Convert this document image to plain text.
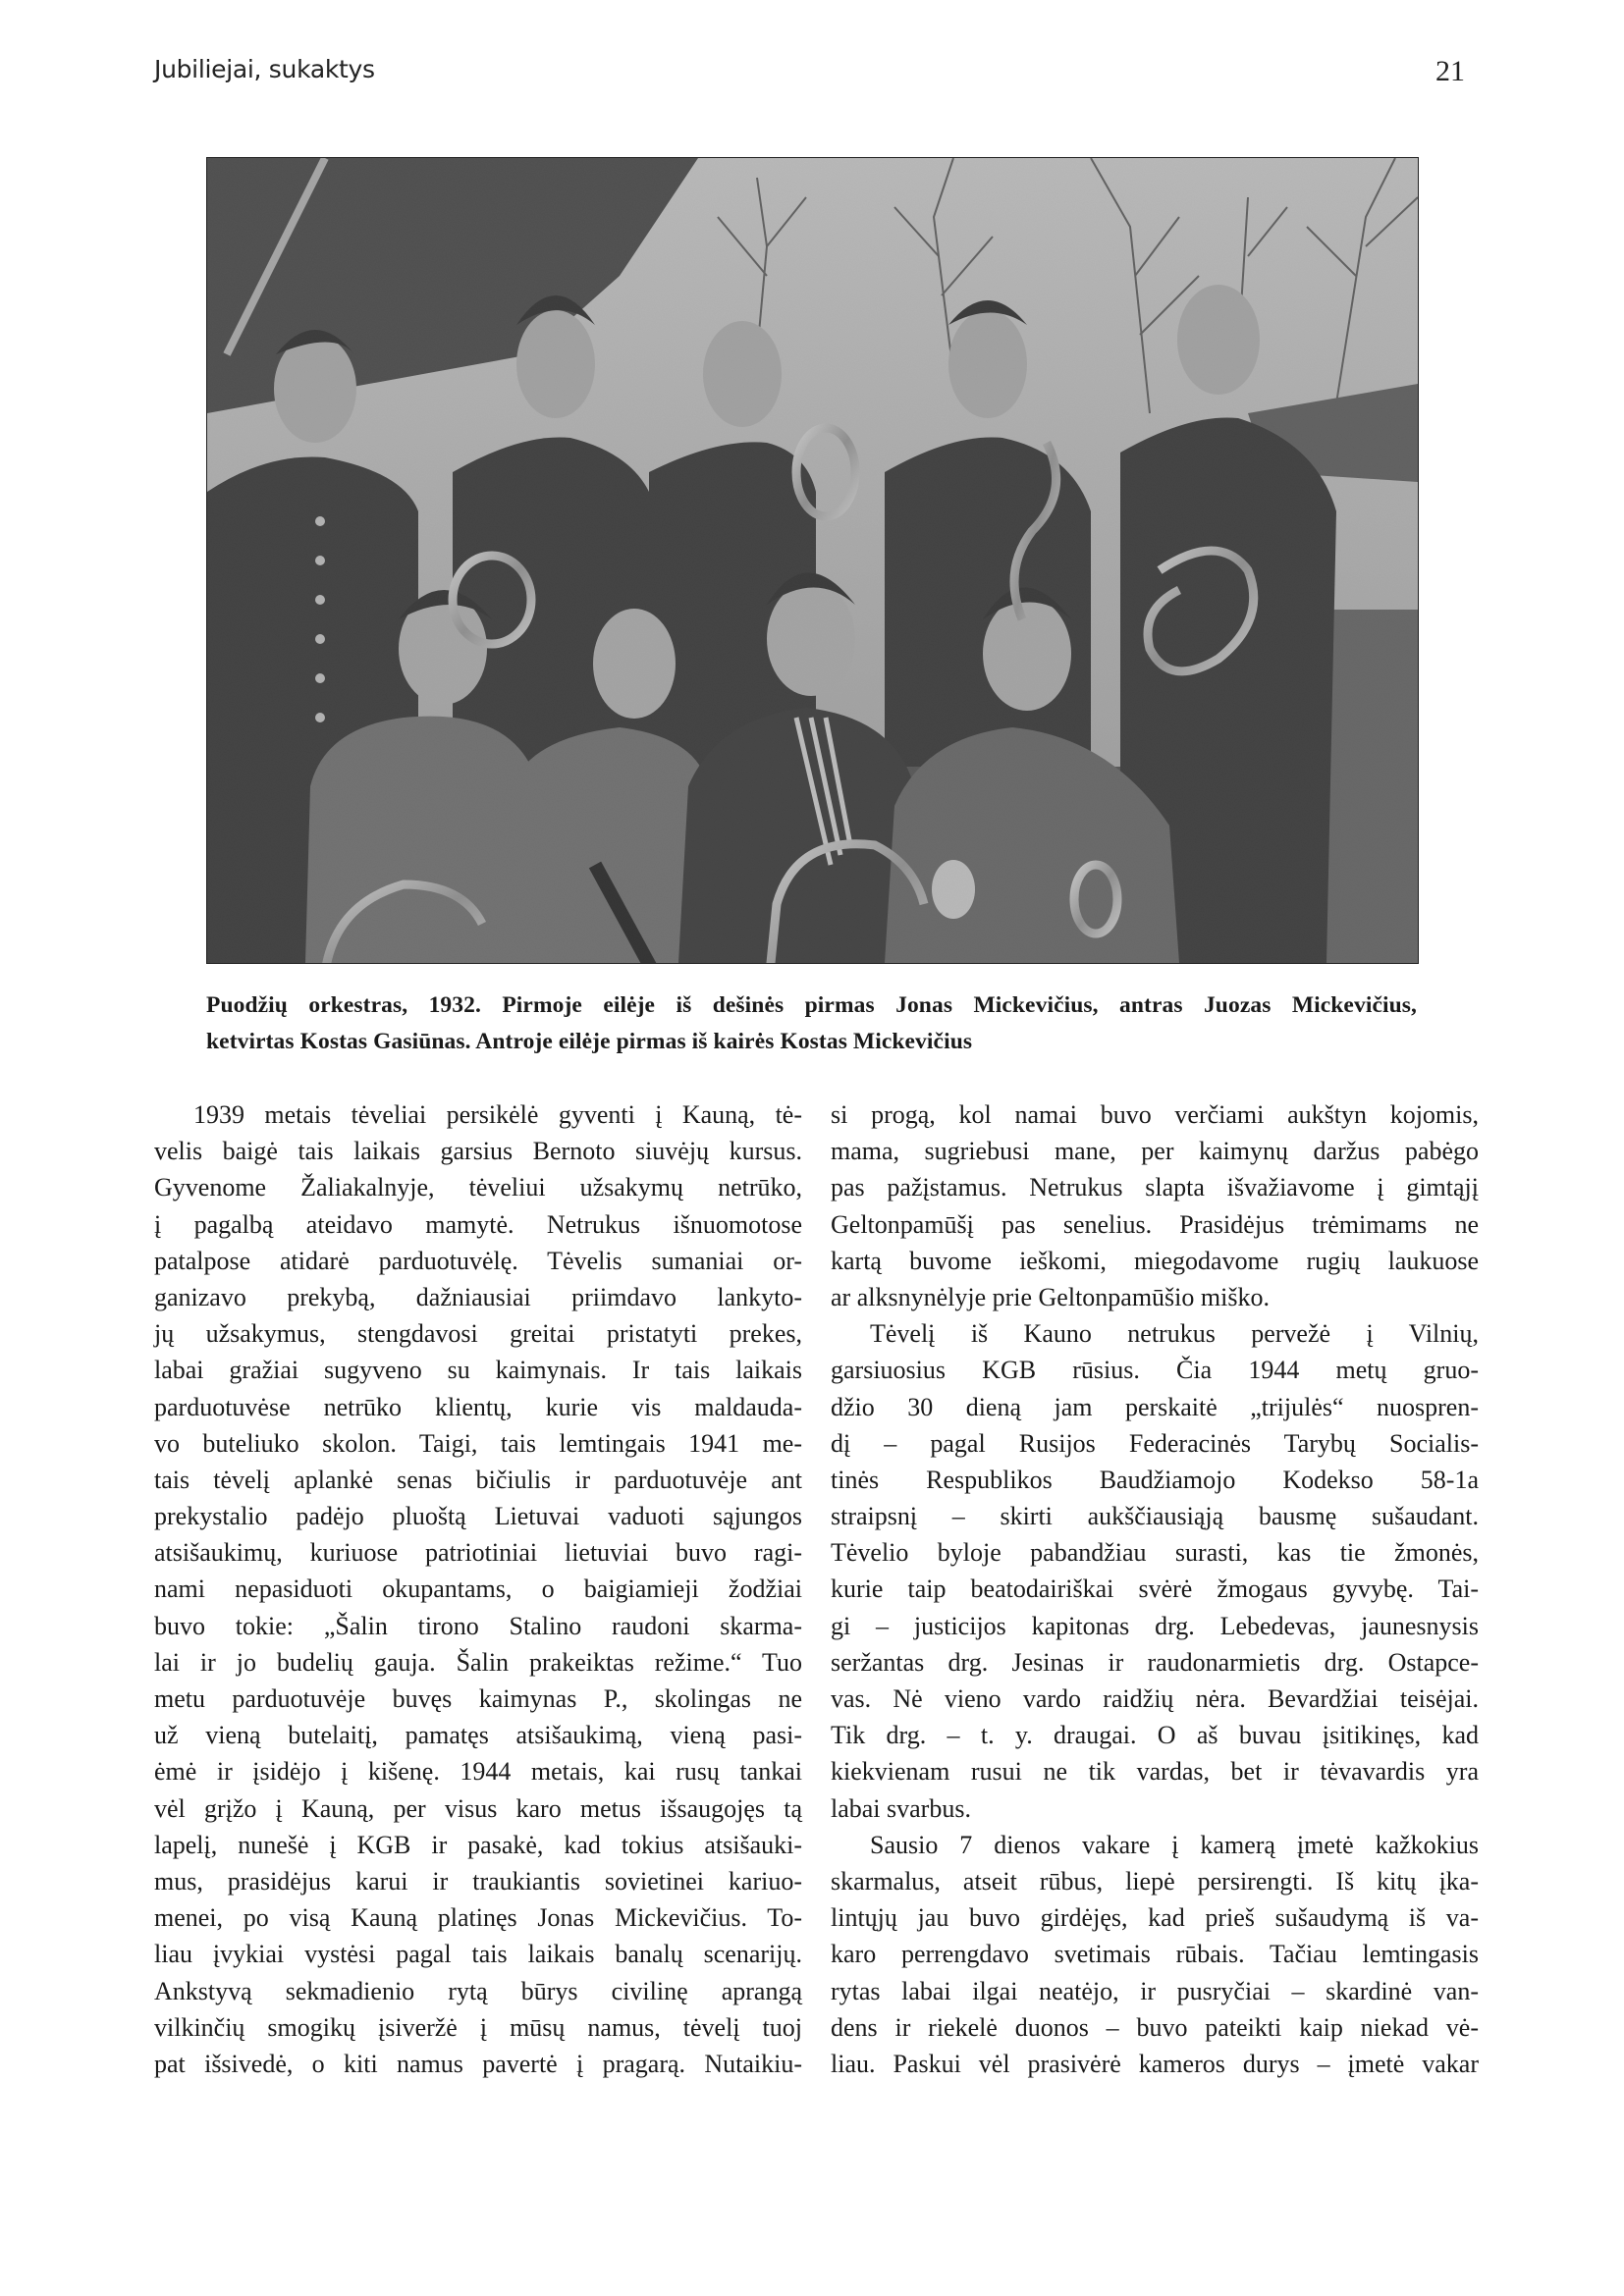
Jubiliejai, sukaktys	21
Puodžių orkestras, 1932. Pirmoje eilėje iš dešinės pirmas Jonas Mickevičius, antras Juozas Mickevičius,
ketvirtas Kostas Gasiūnas. Antroje eilėje pirmas iš kairės Kostas Mickevičius
1939 metais tėveliai persikėlė gyventi į Kauną, tė-
velis baigė tais laikais garsius Bernoto siuvėjų kursus.
Gyvenome Žaliakalnyje, tėveliui užsakymų netrūko,
į pagalbą ateidavo mamytė. Netrukus išnuomotose
patalpose atidarė parduotuvėlę. Tėvelis sumaniai or-
ganizavo prekybą, dažniausiai priimdavo lankyto-
jų užsakymus, stengdavosi greitai pristatyti prekes,
labai gražiai sugyveno su kaimynais. Ir tais laikais
parduotuvėse netrūko klientų, kurie vis maldauda-
vo buteliuko skolon. Taigi, tais lemtingais 1941 me-
tais tėvelį aplankė senas bičiulis ir parduotuvėje ant
prekystalio padėjo pluoštą Lietuvai vaduoti sąjungos
atsišaukimų, kuriuose patriotiniai lietuviai buvo ragi-
nami nepasiduoti okupantams, o baigiamieji žodžiai
buvo tokie: „Šalin tirono Stalino raudoni skarma-
lai ir jo budelių gauja. Šalin prakeiktas režime.“ Tuo
metu parduotuvėje buvęs kaimynas P., skolingas ne
už vieną butelaitį, pamatęs atsišaukimą, vieną pasi-
ėmė ir įsidėjo į kišenę. 1944 metais, kai rusų tankai
vėl grįžo į Kauną, per visus karo metus išsaugojęs tą
lapelį, nunešė į KGB ir pasakė, kad tokius atsišauki-
mus, prasidėjus karui ir traukiantis sovietinei kariuo-
menei, po visą Kauną platinęs Jonas Mickevičius. To-
liau įvykiai vystėsi pagal tais laikais banalų scenarijų.
Ankstyvą sekmadienio rytą būrys civilinę aprangą
vilkinčių smogikų įsiveržė į mūsų namus, tėvelį tuoj
pat išsivedė, o kiti namus pavertė į pragarą. Nutaikiu-
si progą, kol namai buvo verčiami aukštyn kojomis,
mama, sugriebusi mane, per kaimynų daržus pabėgo
pas pažįstamus. Netrukus slapta išvažiavome į gimtąjį
Geltonpamūšį pas senelius. Prasidėjus trėmimams ne
kartą buvome ieškomi, miegodavome rugių laukuose
ar alksnynėlyje prie Geltonpamūšio miško.
Tėvelį iš Kauno netrukus pervežė į Vilnių,
garsiuosius KGB rūsius. Čia 1944 metų gruo-
džio 30 dieną jam perskaitė „trijulės“ nuospren-
dį – pagal Rusijos Federacinės Tarybų Socialis-
tinės Respublikos Baudžiamojo Kodekso 58-1a
straipsnį – skirti aukščiausiąją bausmę sušaudant.
Tėvelio byloje pabandžiau surasti, kas tie žmonės,
kurie taip beatodairiškai svėrė žmogaus gyvybę. Tai-
gi – justicijos kapitonas drg. Lebedevas, jaunesnysis
seržantas drg. Jesinas ir raudonarmietis drg. Ostapce-
vas. Nė vieno vardo raidžių nėra. Bevardžiai teisėjai.
Tik drg. – t. y. draugai. O aš buvau įsitikinęs, kad
kiekvienam rusui ne tik vardas, bet ir tėvavardis yra
labai svarbus.
Sausio 7 dienos vakare į kamerą įmetė kažkokius
skarmalus, atseit rūbus, liepė persirengti. Iš kitų įka-
lintųjų jau buvo girdėjęs, kad prieš sušaudymą iš va-
karo perrengdavo svetimais rūbais. Tačiau lemtingasis
rytas labai ilgai neatėjo, ir pusryčiai – skardinė van-
dens ir riekelė duonos – buvo pateikti kaip niekad vė-
liau. Paskui vėl prasivėrė kameros durys – įmetė vakar
